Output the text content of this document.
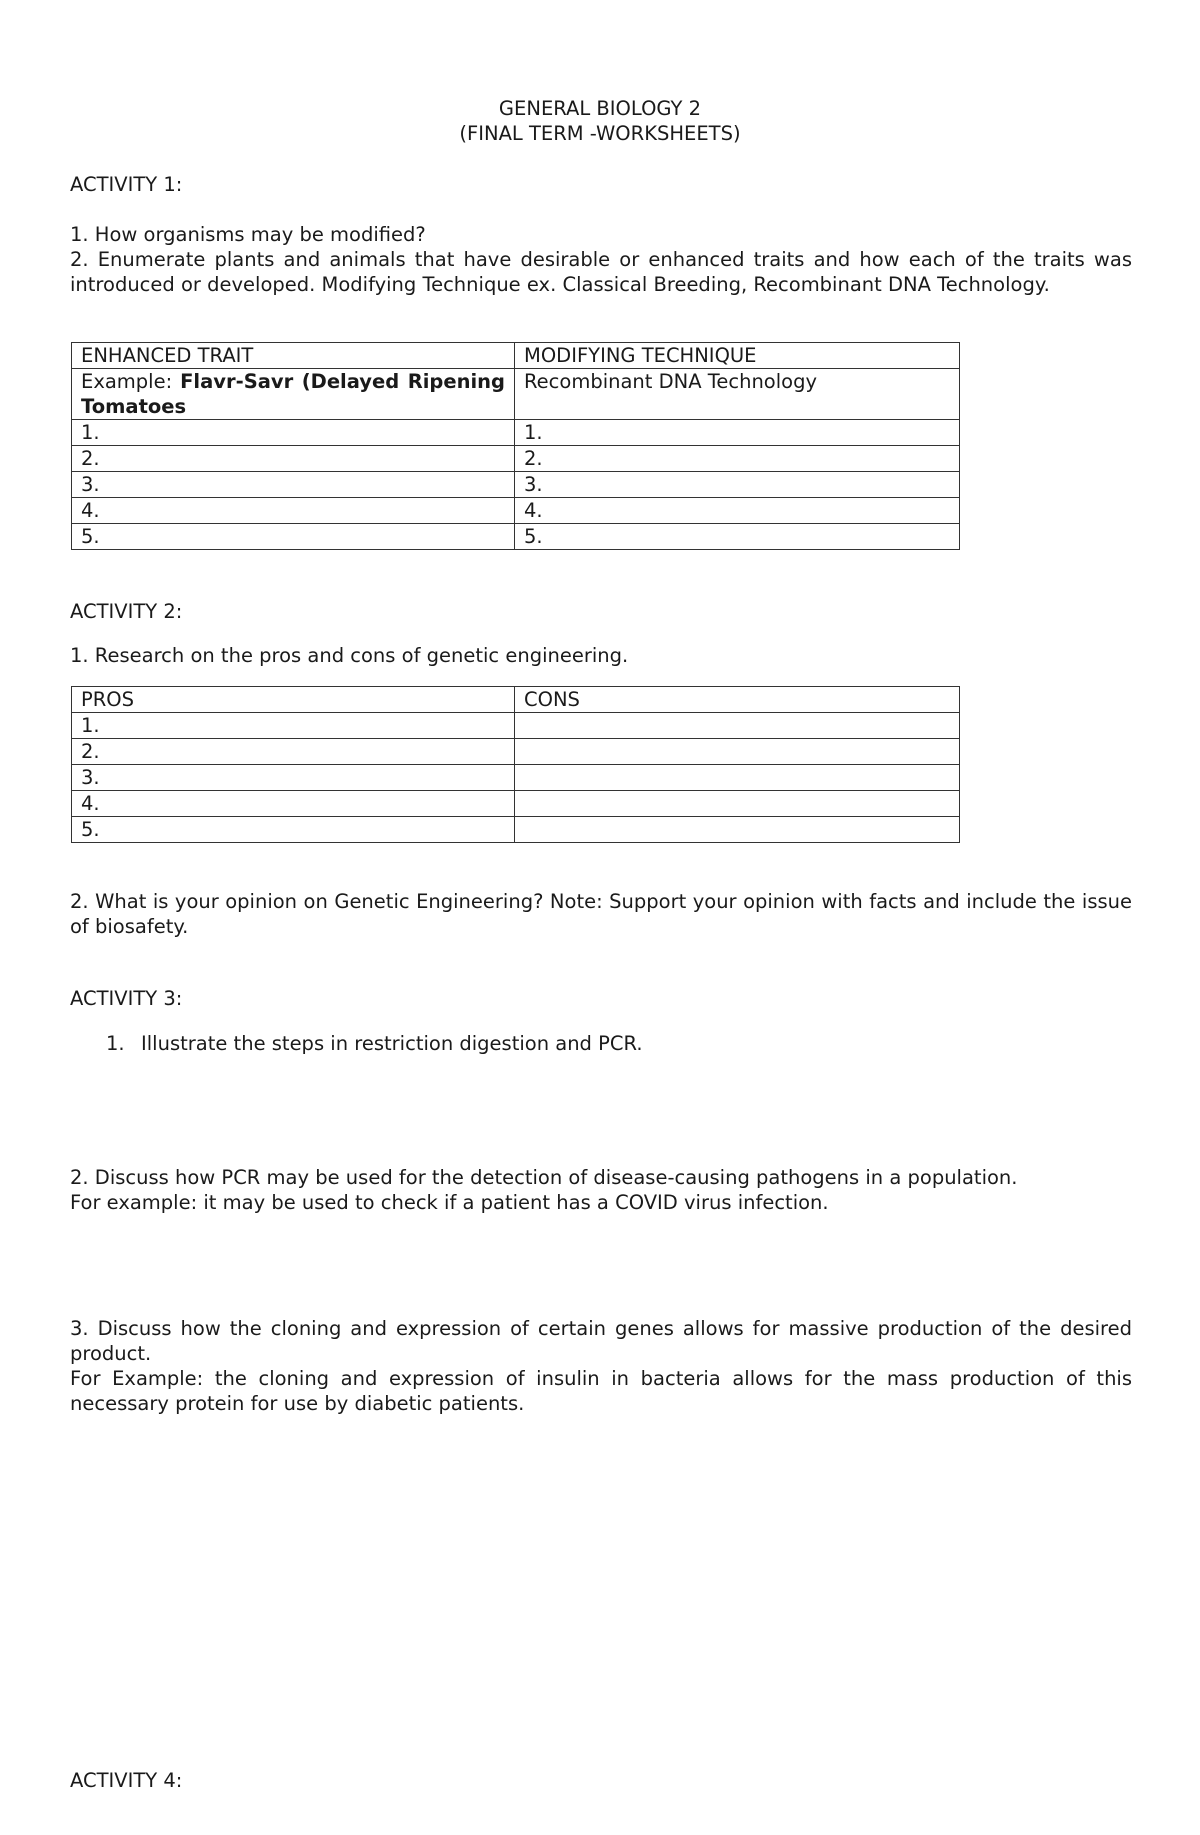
GENERAL BIOLOGY 2
(FINAL TERM -WORKSHEETS)
ACTIVITY 1:
1. How organisms may be modified?
2. Enumerate plants and animals that have desirable or enhanced traits and how each of the traits was introduced or developed. Modifying Technique ex. Classical Breeding, Recombinant DNA Technology.
ENHANCED TRAIT	MODIFYING TECHNIQUE
Example: Flavr-Savr (Delayed Ripening Tomatoes	Recombinant DNA Technology
1.	1.
2.	2.
3.	3.
4.	4.
5.	5.
ACTIVITY 2:
1. Research on the pros and cons of genetic engineering.
PROS	CONS
1.	
2.	
3.	
4.	
5.	
2. What is your opinion on Genetic Engineering? Note: Support your opinion with facts and include the issue of biosafety.
ACTIVITY 3:
1. Illustrate the steps in restriction digestion and PCR.
2. Discuss how PCR may be used for the detection of disease-causing pathogens in a population.
For example: it may be used to check if a patient has a COVID virus infection.
3. Discuss how the cloning and expression of certain genes allows for massive production of the desired product.
For Example: the cloning and expression of insulin in bacteria allows for the mass production of this necessary protein for use by diabetic patients.
ACTIVITY 4:
